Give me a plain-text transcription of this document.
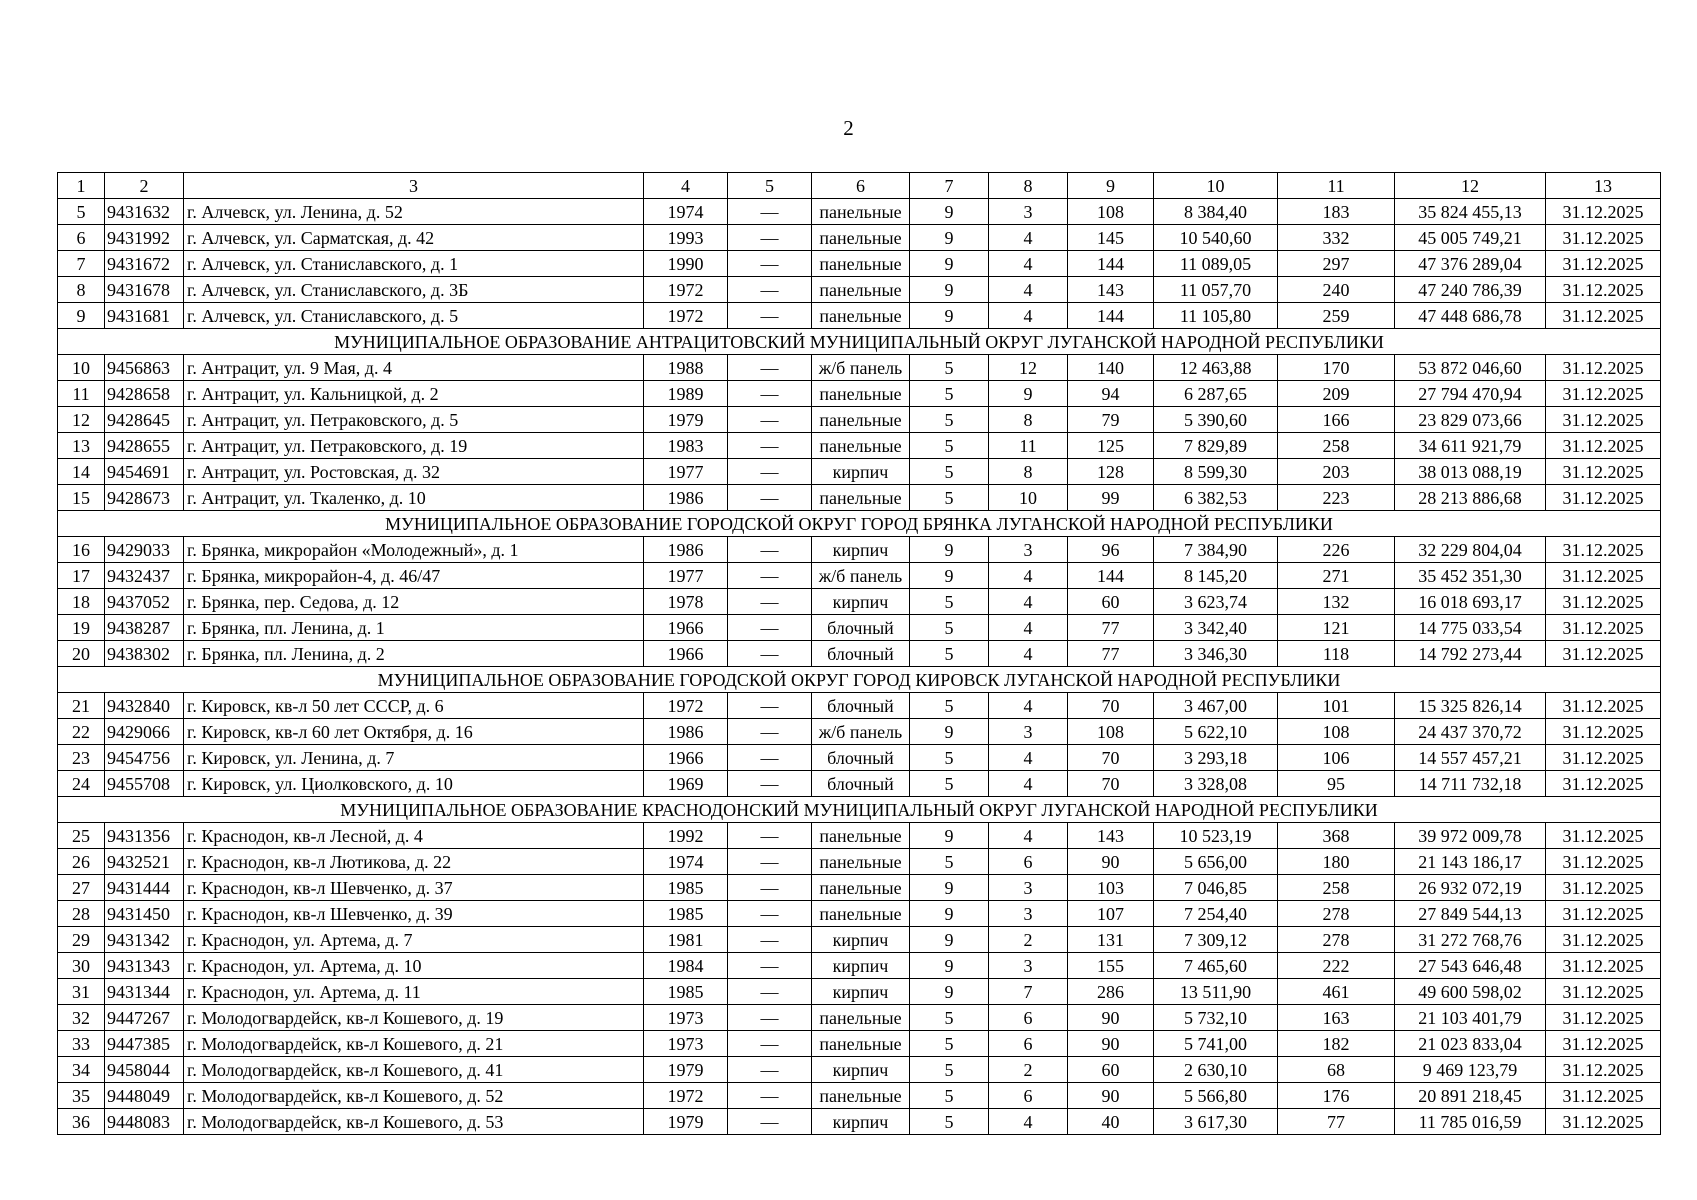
2
1	2	3	4	5	6	7	8	9	10	11	12	13
5	9431632	г. Алчевск, ул. Ленина, д. 52	1974	—	панельные	9	3	108	8 384,40	183	35 824 455,13	31.12.2025
6	9431992	г. Алчевск, ул. Сарматская, д. 42	1993	—	панельные	9	4	145	10 540,60	332	45 005 749,21	31.12.2025
7	9431672	г. Алчевск, ул. Станиславского, д. 1	1990	—	панельные	9	4	144	11 089,05	297	47 376 289,04	31.12.2025
8	9431678	г. Алчевск, ул. Станиславского, д. 3Б	1972	—	панельные	9	4	143	11 057,70	240	47 240 786,39	31.12.2025
9	9431681	г. Алчевск, ул. Станиславского, д. 5	1972	—	панельные	9	4	144	11 105,80	259	47 448 686,78	31.12.2025
МУНИЦИПАЛЬНОЕ ОБРАЗОВАНИЕ АНТРАЦИТОВСКИЙ МУНИЦИПАЛЬНЫЙ ОКРУГ ЛУГАНСКОЙ НАРОДНОЙ РЕСПУБЛИКИ												
10	9456863	г. Антрацит, ул. 9 Мая, д. 4	1988	—	ж/б панель	5	12	140	12 463,88	170	53 872 046,60	31.12.2025
11	9428658	г. Антрацит, ул. Кальницкой, д. 2	1989	—	панельные	5	9	94	6 287,65	209	27 794 470,94	31.12.2025
12	9428645	г. Антрацит, ул. Петраковского, д. 5	1979	—	панельные	5	8	79	5 390,60	166	23 829 073,66	31.12.2025
13	9428655	г. Антрацит, ул. Петраковского, д. 19	1983	—	панельные	5	11	125	7 829,89	258	34 611 921,79	31.12.2025
14	9454691	г. Антрацит, ул. Ростовская, д. 32	1977	—	кирпич	5	8	128	8 599,30	203	38 013 088,19	31.12.2025
15	9428673	г. Антрацит, ул. Ткаленко, д. 10	1986	—	панельные	5	10	99	6 382,53	223	28 213 886,68	31.12.2025
МУНИЦИПАЛЬНОЕ ОБРАЗОВАНИЕ ГОРОДСКОЙ ОКРУГ ГОРОД БРЯНКА ЛУГАНСКОЙ НАРОДНОЙ РЕСПУБЛИКИ												
16	9429033	г. Брянка, микрорайон «Молодежный», д. 1	1986	—	кирпич	9	3	96	7 384,90	226	32 229 804,04	31.12.2025
17	9432437	г. Брянка, микрорайон-4, д. 46/47	1977	—	ж/б панель	9	4	144	8 145,20	271	35 452 351,30	31.12.2025
18	9437052	г. Брянка, пер. Седова, д. 12	1978	—	кирпич	5	4	60	3 623,74	132	16 018 693,17	31.12.2025
19	9438287	г. Брянка, пл. Ленина, д. 1	1966	—	блочный	5	4	77	3 342,40	121	14 775 033,54	31.12.2025
20	9438302	г. Брянка, пл. Ленина, д. 2	1966	—	блочный	5	4	77	3 346,30	118	14 792 273,44	31.12.2025
МУНИЦИПАЛЬНОЕ ОБРАЗОВАНИЕ ГОРОДСКОЙ ОКРУГ ГОРОД КИРОВСК ЛУГАНСКОЙ НАРОДНОЙ РЕСПУБЛИКИ												
21	9432840	г. Кировск, кв-л 50 лет СССР, д. 6	1972	—	блочный	5	4	70	3 467,00	101	15 325 826,14	31.12.2025
22	9429066	г. Кировск, кв-л 60 лет Октября, д. 16	1986	—	ж/б панель	9	3	108	5 622,10	108	24 437 370,72	31.12.2025
23	9454756	г. Кировск, ул. Ленина, д. 7	1966	—	блочный	5	4	70	3 293,18	106	14 557 457,21	31.12.2025
24	9455708	г. Кировск, ул. Циолковского, д. 10	1969	—	блочный	5	4	70	3 328,08	95	14 711 732,18	31.12.2025
МУНИЦИПАЛЬНОЕ ОБРАЗОВАНИЕ КРАСНОДОНСКИЙ МУНИЦИПАЛЬНЫЙ ОКРУГ ЛУГАНСКОЙ НАРОДНОЙ РЕСПУБЛИКИ												
25	9431356	г. Краснодон, кв-л Лесной, д. 4	1992	—	панельные	9	4	143	10 523,19	368	39 972 009,78	31.12.2025
26	9432521	г. Краснодон, кв-л Лютикова, д. 22	1974	—	панельные	5	6	90	5 656,00	180	21 143 186,17	31.12.2025
27	9431444	г. Краснодон, кв-л Шевченко, д. 37	1985	—	панельные	9	3	103	7 046,85	258	26 932 072,19	31.12.2025
28	9431450	г. Краснодон, кв-л Шевченко, д. 39	1985	—	панельные	9	3	107	7 254,40	278	27 849 544,13	31.12.2025
29	9431342	г. Краснодон, ул. Артема, д. 7	1981	—	кирпич	9	2	131	7 309,12	278	31 272 768,76	31.12.2025
30	9431343	г. Краснодон, ул. Артема, д. 10	1984	—	кирпич	9	3	155	7 465,60	222	27 543 646,48	31.12.2025
31	9431344	г. Краснодон, ул. Артема, д. 11	1985	—	кирпич	9	7	286	13 511,90	461	49 600 598,02	31.12.2025
32	9447267	г. Молодогвардейск, кв-л Кошевого, д. 19	1973	—	панельные	5	6	90	5 732,10	163	21 103 401,79	31.12.2025
33	9447385	г. Молодогвардейск, кв-л Кошевого, д. 21	1973	—	панельные	5	6	90	5 741,00	182	21 023 833,04	31.12.2025
34	9458044	г. Молодогвардейск, кв-л Кошевого, д. 41	1979	—	кирпич	5	2	60	2 630,10	68	9 469 123,79	31.12.2025
35	9448049	г. Молодогвардейск, кв-л Кошевого, д. 52	1972	—	панельные	5	6	90	5 566,80	176	20 891 218,45	31.12.2025
36	9448083	г. Молодогвардейск, кв-л Кошевого, д. 53	1979	—	кирпич	5	4	40	3 617,30	77	11 785 016,59	31.12.2025
